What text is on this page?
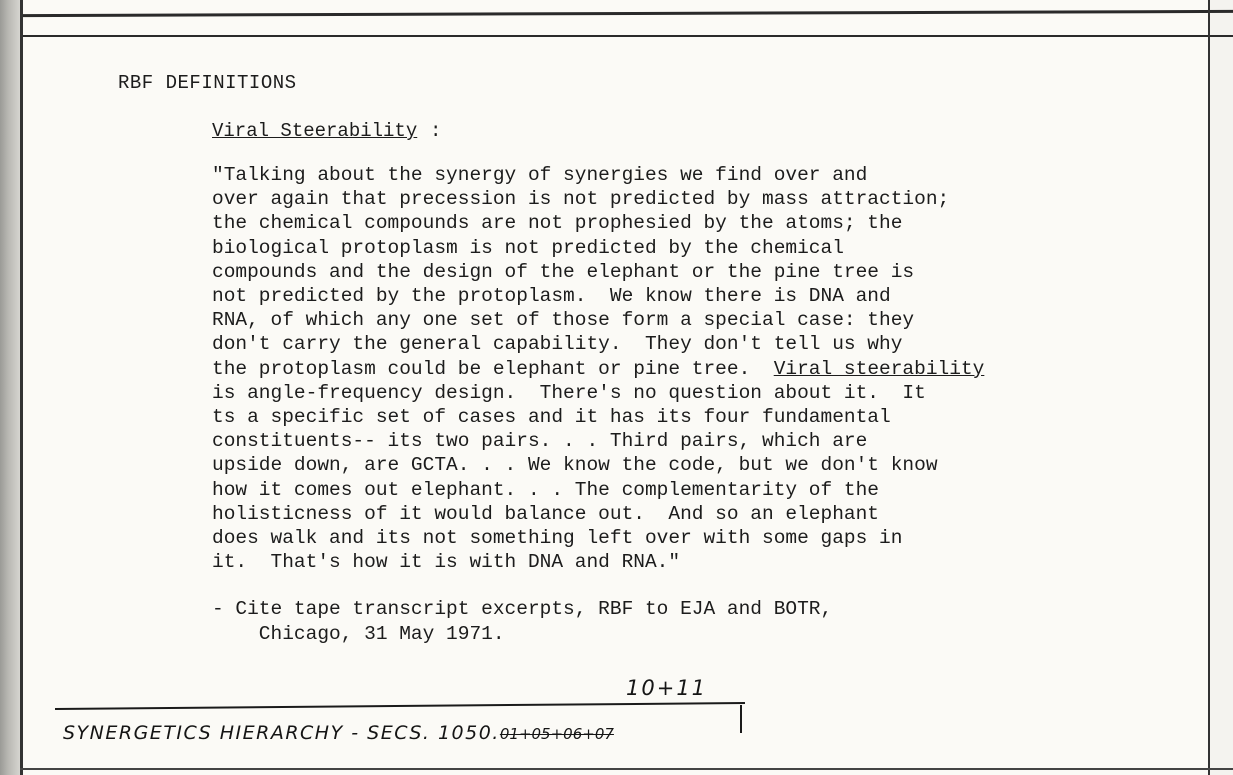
RBF DEFINITIONS
Viral Steerability :
"Talking about the synergy of synergies we find over and
over again that precession is not predicted by mass attraction;
the chemical compounds are not prophesied by the atoms; the
biological protoplasm is not predicted by the chemical
compounds and the design of the elephant or the pine tree is
not predicted by the protoplasm.  We know there is DNA and
RNA, of which any one set of those form a special case: they
don't carry the general capability.  They don't tell us why
the protoplasm could be elephant or pine tree.  Viral steerability
is angle-frequency design.  There's no question about it.  It
ts a specific set of cases and it has its four fundamental
constituents-- its two pairs. . . Third pairs, which are
upside down, are GCTA. . . We know the code, but we don't know
how it comes out elephant. . . The complementarity of the
holisticness of it would balance out.  And so an elephant
does walk and its not something left over with some gaps in
it.  That's how it is with DNA and RNA."
- Cite tape transcript excerpts, RBF to EJA and BOTR,
Chicago, 31 May 1971.
10+11
SYNERGETICS HIERARCHY - SECS. 1050.01+05+06+07
